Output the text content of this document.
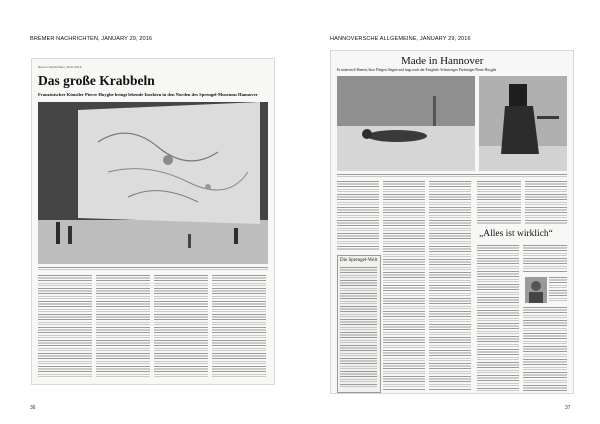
BREMER NACHRICHTEN, JANUARY 29, 2016
Bremer Nachrichten, 29.01.2016
Das große Krabbeln
Französischer Künstler Pierre Huyghe bringt lebende Insekten in den Norden des Sprengel-Museums Hannover
36
HANNOVERSCHE ALLGEMEINE, JANUARY 29, 2016
Made in Hannover
Er unterwirft Bienen, lässt Fliegen fliegen und fragt nach der Ewigkeit: Schwieriges Preisträger Pierre Huyghe
Die Sprengel-Welt
„Alles ist wirklich“
37
